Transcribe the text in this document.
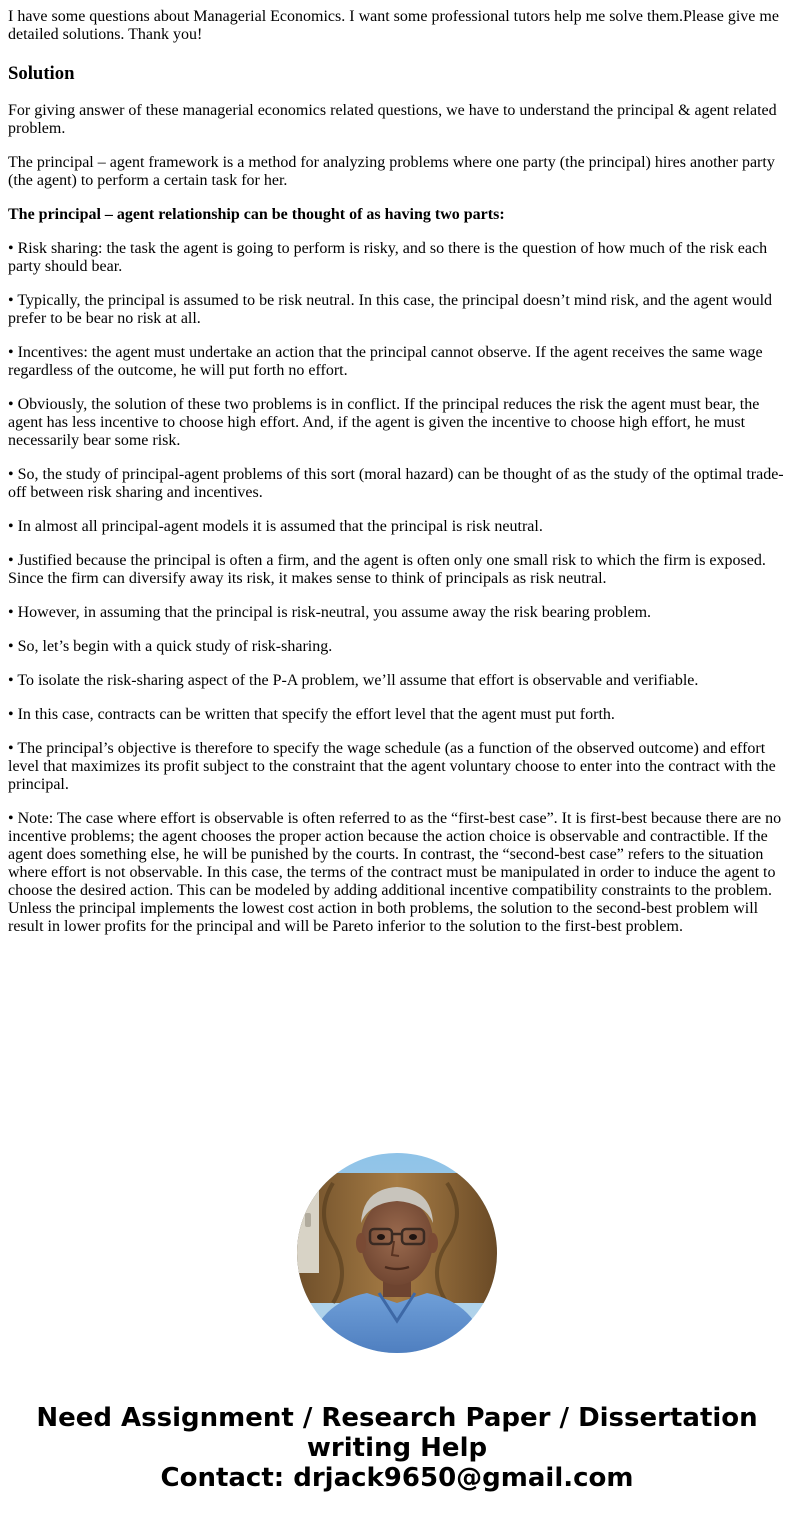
I have some questions about Managerial Economics. I want some professional tutors help me solve them.Please give me detailed solutions. Thank you!

Solution

For giving answer of these managerial economics related questions, we have to understand the principal & agent related problem.

The principal – agent framework is a method for analyzing problems where one party (the principal) hires another party (the agent) to perform a certain task for her.

The principal – agent relationship can be thought of as having two parts:

• Risk sharing: the task the agent is going to perform is risky, and so there is the question of how much of the risk each party should bear.

• Typically, the principal is assumed to be risk neutral. In this case, the principal doesn’t mind risk, and the agent would prefer to be bear no risk at all.

• Incentives: the agent must undertake an action that the principal cannot observe. If the agent receives the same wage regardless of the outcome, he will put forth no effort.

• Obviously, the solution of these two problems is in conflict. If the principal reduces the risk the agent must bear, the agent has less incentive to choose high effort. And, if the agent is given the incentive to choose high effort, he must necessarily bear some risk.

• So, the study of principal-agent problems of this sort (moral hazard) can be thought of as the study of the optimal trade-off between risk sharing and incentives.

• In almost all principal-agent models it is assumed that the principal is risk neutral.

• Justified because the principal is often a firm, and the agent is often only one small risk to which the firm is exposed. Since the firm can diversify away its risk, it makes sense to think of principals as risk neutral.

• However, in assuming that the principal is risk-neutral, you assume away the risk bearing problem.

• So, let’s begin with a quick study of risk-sharing.

• To isolate the risk-sharing aspect of the P-A problem, we’ll assume that effort is observable and verifiable.

• In this case, contracts can be written that specify the effort level that the agent must put forth.

• The principal’s objective is therefore to specify the wage schedule (as a function of the observed outcome) and effort level that maximizes its profit subject to the constraint that the agent voluntary choose to enter into the contract with the principal.

• Note: The case where effort is observable is often referred to as the “first-best case”. It is first-best because there are no incentive problems; the agent chooses the proper action because the action choice is observable and contractible. If the agent does something else, he will be punished by the courts. In contrast, the “second-best case” refers to the situation where effort is not observable. In this case, the terms of the contract must be manipulated in order to induce the agent to choose the desired action. This can be modeled by adding additional incentive compatibility constraints to the problem. Unless the principal implements the lowest cost action in both problems, the solution to the second-best problem will result in lower profits for the principal and will be Pareto inferior to the solution to the first-best problem.

Need Assignment / Research Paper / Dissertation
writing Help
Contact: drjack9650@gmail.com
